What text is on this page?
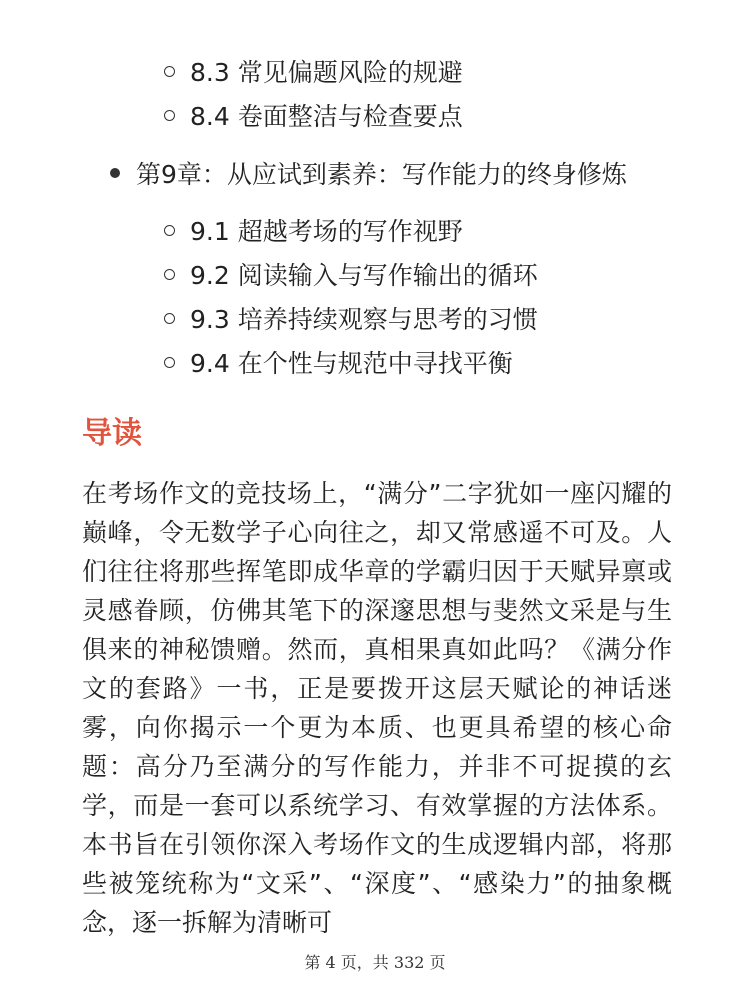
8.3 常见偏题风险的规避
8.4 卷面整洁与检查要点
第9章：从应试到素养：写作能力的终身修炼
9.1 超越考场的写作视野
9.2 阅读输入与写作输出的循环
9.3 培养持续观察与思考的习惯
9.4 在个性与规范中寻找平衡
导读

在考场作文的竞技场上，“满分”二字犹如一座闪耀的巅峰，令无数学子心向往之，却又常感遥不可及。人们往往将那些挥笔即成华章的学霸归因于天赋异禀或灵感眷顾，仿佛其笔下的深邃思想与斐然文采是与生俱来的神秘馈赠。然而，真相果真如此吗？《满分作文的套路》一书，正是要拨开这层天赋论的神话迷雾，向你揭示一个更为本质、也更具希望的核心命题：高分乃至满分的写作能力，并非不可捉摸的玄学，而是一套可以系统学习、有效掌握的方法体系。本书旨在引领你深入考场作文的生成逻辑内部，将那些被笼统称为“文采”、“深度”、“感染力”的抽象概念，逐一拆解为清晰可

第 4 页，共 332 页
